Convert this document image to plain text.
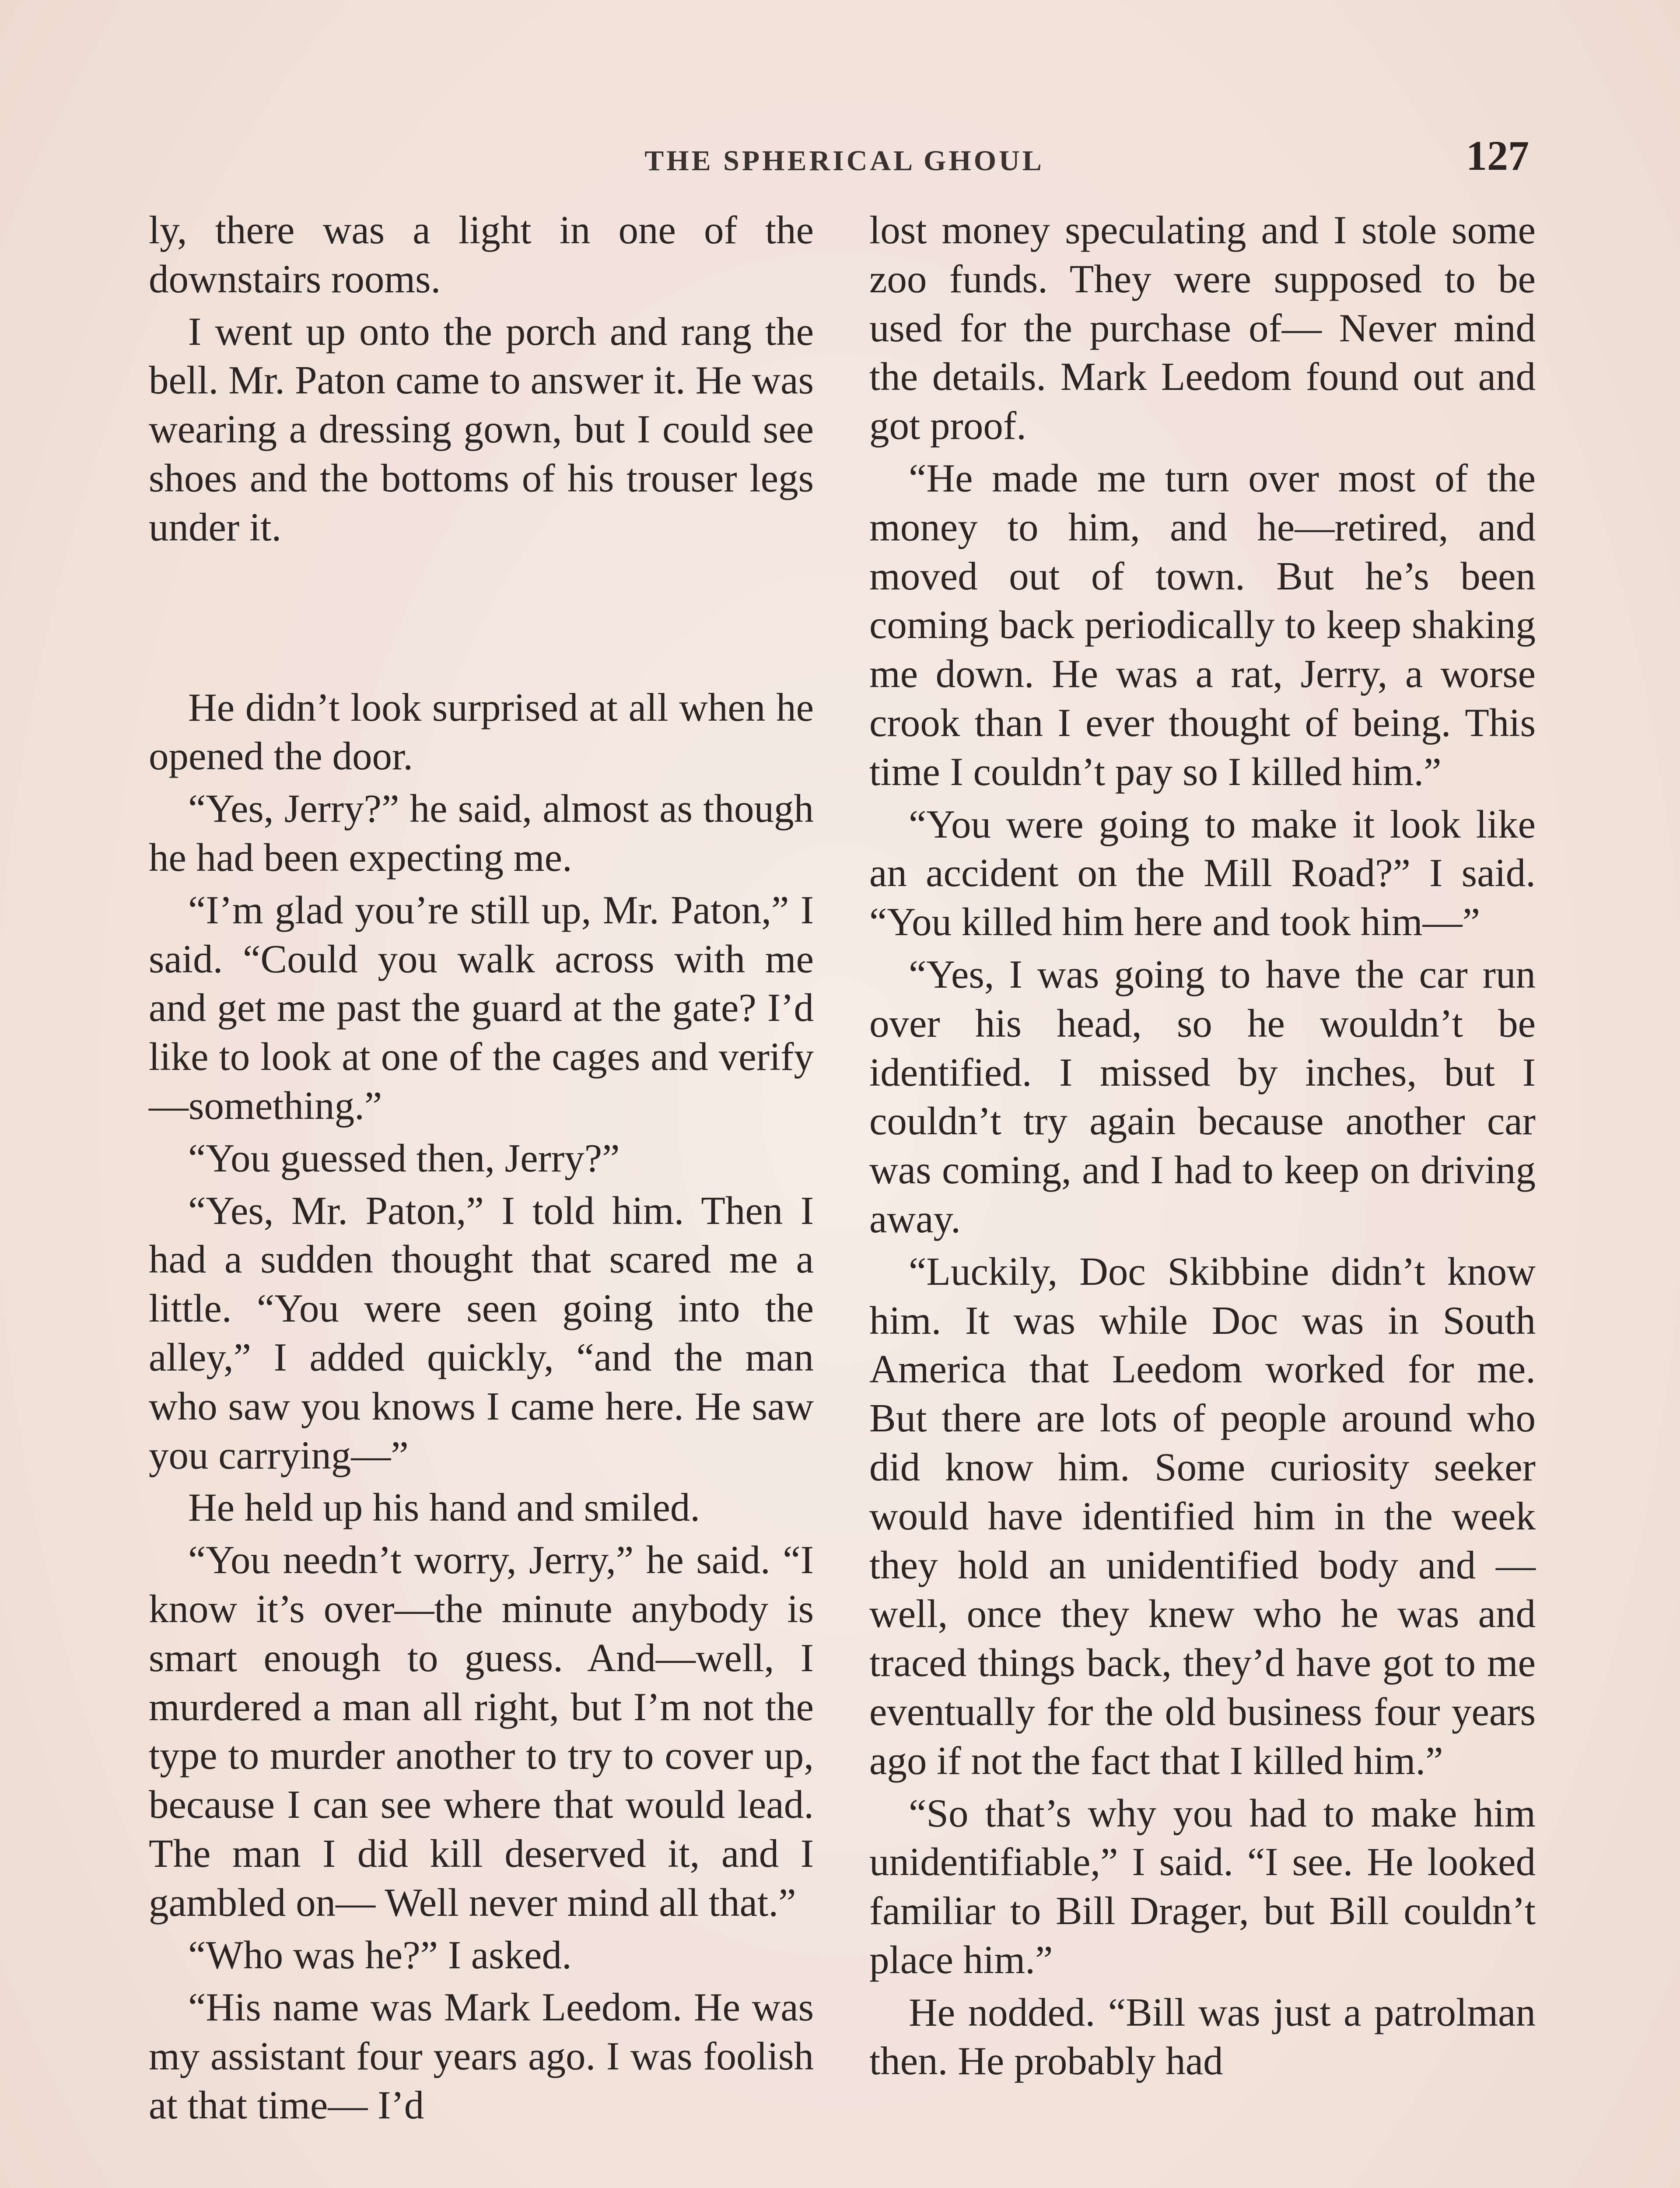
THE SPHERICAL GHOUL	127

ly, there was a light in one of the downstairs rooms.

I went up onto the porch and rang the bell. Mr. Paton came to answer it. He was wearing a dressing gown, but I could see shoes and the bottoms of his trouser legs under it.

He didn’t look surprised at all when he opened the door.

“Yes, Jerry?” he said, almost as though he had been expecting me.

“I’m glad you’re still up, Mr. Paton,” I said. “Could you walk across with me and get me past the guard at the gate? I’d like to look at one of the cages and verify —something.”

“You guessed then, Jerry?”

“Yes, Mr. Paton,” I told him. Then I had a sudden thought that scared me a little. “You were seen going into the alley,” I added quickly, “and the man who saw you knows I came here. He saw you carrying—”

He held up his hand and smiled.

“You needn’t worry, Jerry,” he said. “I know it’s over—the minute anybody is smart enough to guess. And—well, I murdered a man all right, but I’m not the type to murder another to try to cover up, because I can see where that would lead. The man I did kill deserved it, and I gambled on— Well never mind all that.”

“Who was he?” I asked.

“His name was Mark Leedom. He was my assistant four years ago. I was foolish at that time— I’d

lost money speculating and I stole some zoo funds. They were supposed to be used for the purchase of— Never mind the details. Mark Leedom found out and got proof.

“He made me turn over most of the money to him, and he—retired, and moved out of town. But he’s been coming back periodically to keep shaking me down. He was a rat, Jerry, a worse crook than I ever thought of being. This time I couldn’t pay so I killed him.”

“You were going to make it look like an accident on the Mill Road?” I said. “You killed him here and took him—”

“Yes, I was going to have the car run over his head, so he wouldn’t be identified. I missed by inches, but I couldn’t try again because another car was coming, and I had to keep on driving away.

“Luckily, Doc Skibbine didn’t know him. It was while Doc was in South America that Leedom worked for me. But there are lots of people around who did know him. Some curiosity seeker would have identified him in the week they hold an unidentified body and —well, once they knew who he was and traced things back, they’d have got to me eventually for the old business four years ago if not the fact that I killed him.”

“So that’s why you had to make him unidentifiable,” I said. “I see. He looked familiar to Bill Drager, but Bill couldn’t place him.”

He nodded. “Bill was just a patrolman then. He probably had
